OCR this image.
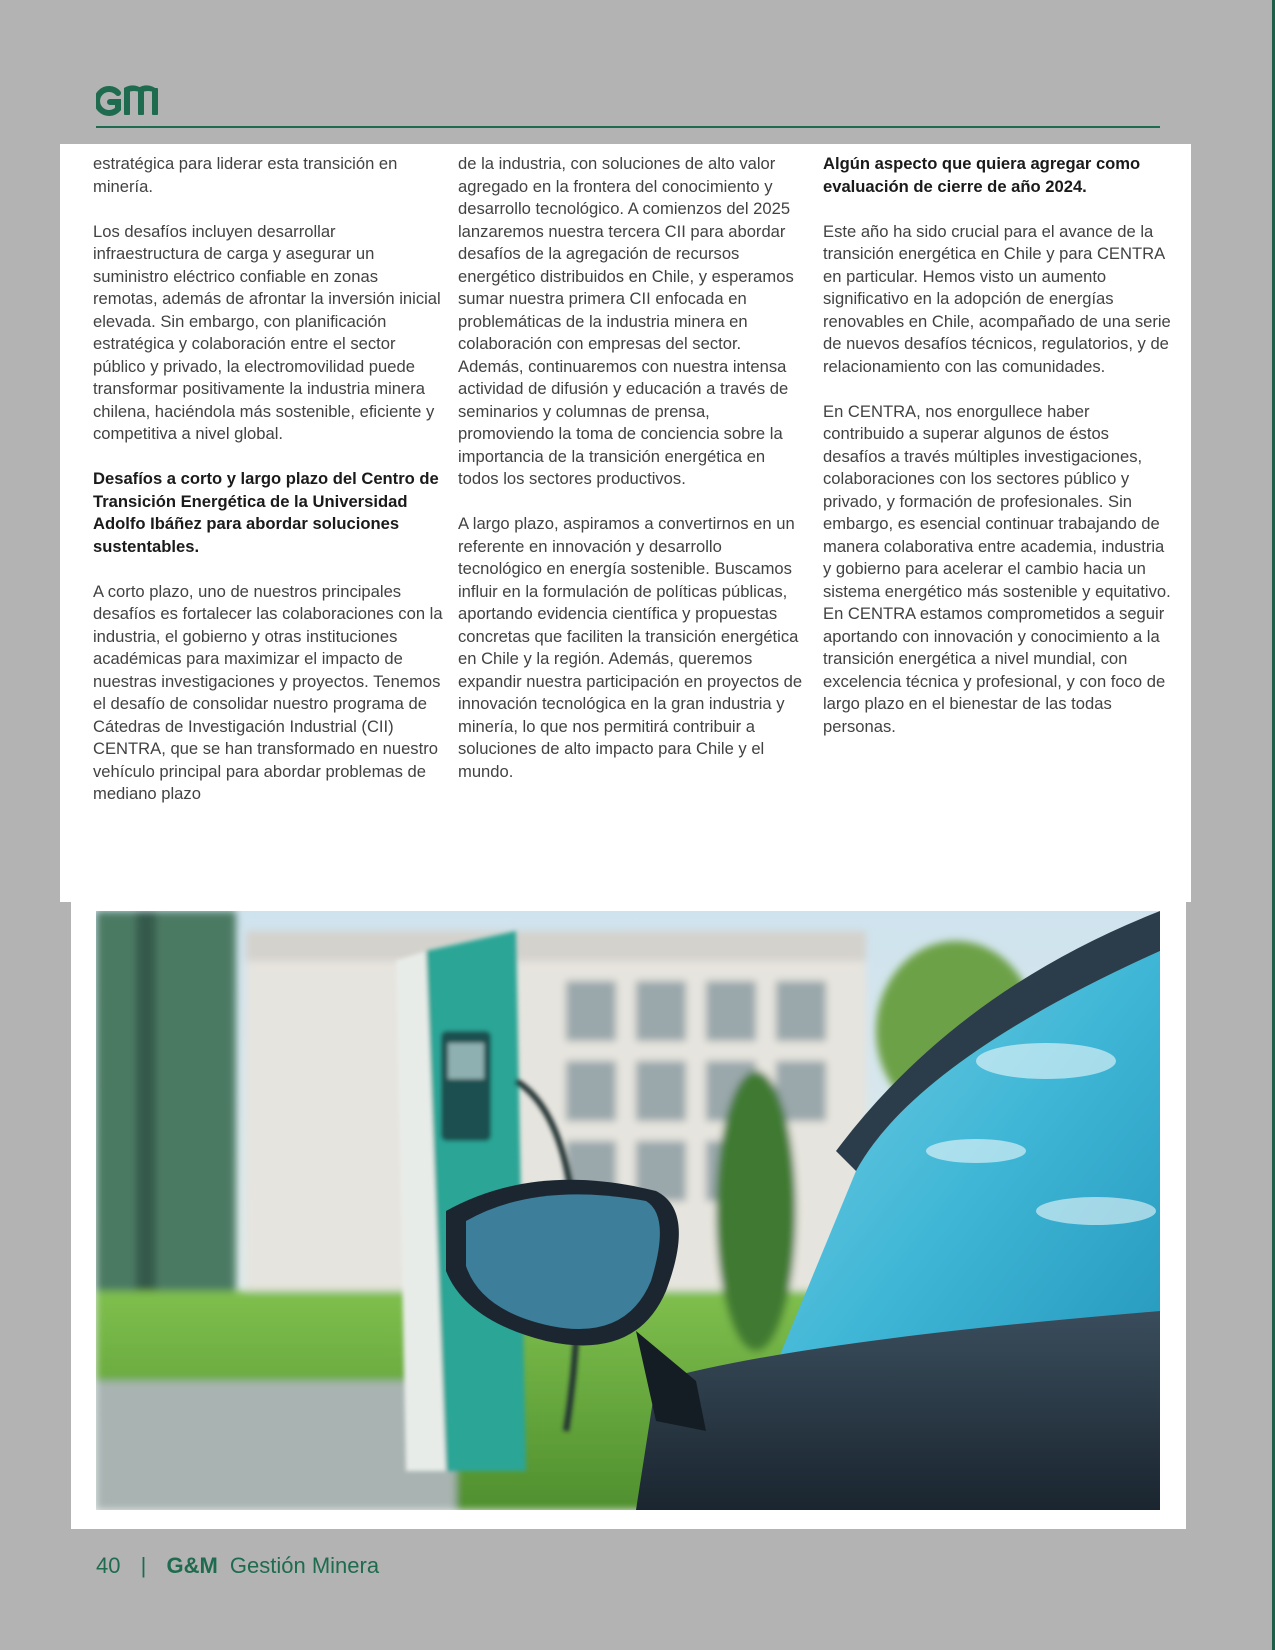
estratégica para liderar esta transición en minería.

Los desafíos incluyen desarrollar infraestructura de carga y asegurar un suministro eléctrico confiable en zonas remotas, además de afrontar la inversión inicial elevada. Sin embargo, con planificación estratégica y colaboración entre el sector público y privado, la electromovilidad puede transformar positivamente la industria minera chilena, haciéndola más sostenible, eficiente y competitiva a nivel global.

Desafíos a corto y largo plazo del Centro de Transición Energética de la Universidad Adolfo Ibáñez para abordar soluciones sustentables.

A corto plazo, uno de nuestros principales desafíos es fortalecer las colaboraciones con la industria, el gobierno y otras instituciones académicas para maximizar el impacto de nuestras investigaciones y proyectos. Tenemos el desafío de consolidar nuestro programa de Cátedras de Investigación Industrial (CII) CENTRA, que se han transformado en nuestro vehículo principal para abordar problemas de mediano plazo

de la industria, con soluciones de alto valor agregado en la frontera del conocimiento y desarrollo tecnológico. A comienzos del 2025 lanzaremos nuestra tercera CII para abordar desafíos de la agregación de recursos energético distribuidos en Chile, y esperamos sumar nuestra primera CII enfocada en problemáticas de la industria minera en colaboración con empresas del sector. Además, continuaremos con nuestra intensa actividad de difusión y educación a través de seminarios y columnas de prensa, promoviendo la toma de conciencia sobre la importancia de la transición energética en todos los sectores productivos.

A largo plazo, aspiramos a convertirnos en un referente en innovación y desarrollo tecnológico en energía sostenible. Buscamos influir en la formulación de políticas públicas, aportando evidencia científica y propuestas concretas que faciliten la transición energética en Chile y la región. Además, queremos expandir nuestra participación en proyectos de innovación tecnológica en la gran industria y minería, lo que nos permitirá contribuir a soluciones de alto impacto para Chile y el mundo.

Algún aspecto que quiera agregar como evaluación de cierre de año 2024.

Este año ha sido crucial para el avance de la transición energética en Chile y para CENTRA en particular. Hemos visto un aumento significativo en la adopción de energías renovables en Chile, acompañado de una serie de nuevos desafíos técnicos, regulatorios, y de relacionamiento con las comunidades.

En CENTRA, nos enorgullece haber contribuido a superar algunos de éstos desafíos a través múltiples investigaciones, colaboraciones con los sectores público y privado, y formación de profesionales. Sin embargo, es esencial continuar trabajando de manera colaborativa entre academia, industria y gobierno para acelerar el cambio hacia un sistema energético más sostenible y equitativo. En CENTRA estamos comprometidos a seguir aportando con innovación y conocimiento a la transición energética a nivel mundial, con excelencia técnica y profesional, y con foco de largo plazo en el bienestar de las todas personas.

40 | G&M Gestión Minera
